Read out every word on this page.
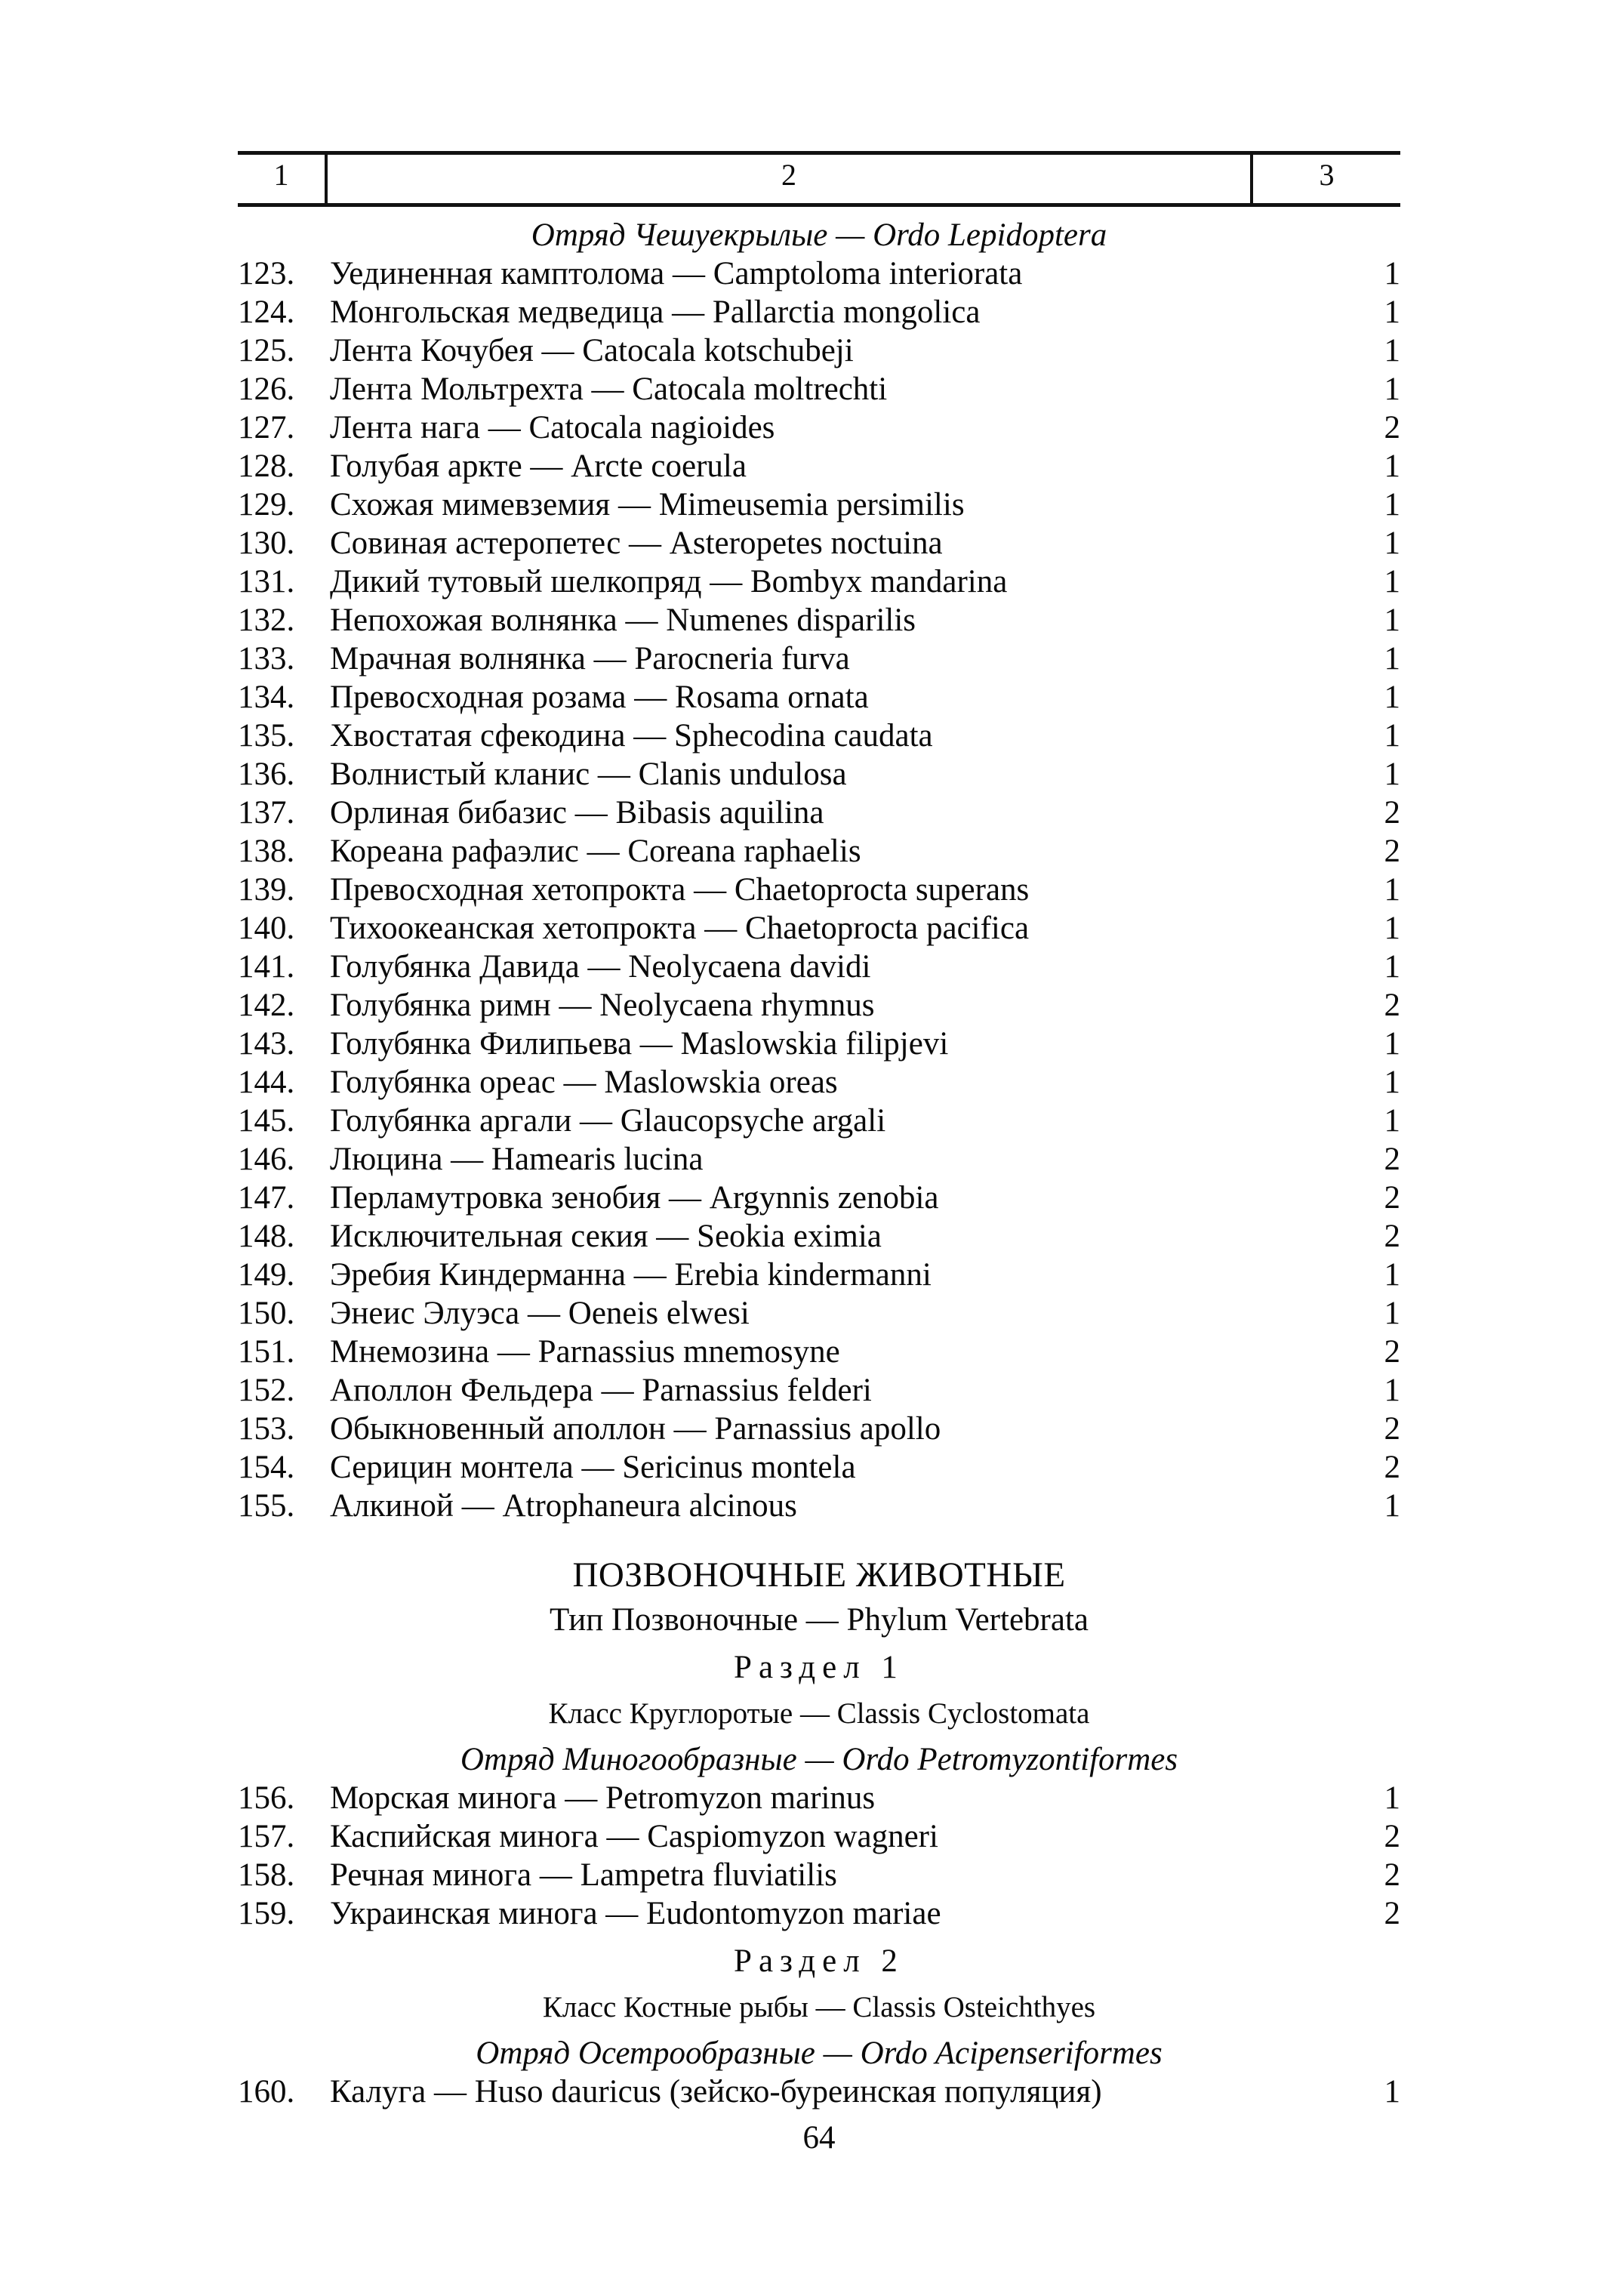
1	2	3

Отряд Чешуекрылые — Ordo Lepidoptera

123.	Уединенная камптолома — Camptoloma interiorata	1
124.	Монгольская медведица — Pallarctia mongolica	1
125.	Лента Кочубея — Catocala kotschubeji	1
126.	Лента Мольтрехта — Catocala moltrechti	1
127.	Лента нага — Catocala nagioides	2
128.	Голубая аркте — Arcte coerula	1
129.	Схожая мимевземия — Mimeusemia persimilis	1
130.	Совиная астеропетес — Asteropetes noctuina	1
131.	Дикий тутовый шелкопряд — Bombyx mandarina	1
132.	Непохожая волнянка — Numenes disparilis	1
133.	Мрачная волнянка — Parocneria furva	1
134.	Превосходная розама — Rosama ornata	1
135.	Хвостатая сфекодина — Sphecodina caudata	1
136.	Волнистый кланис — Clanis undulosa	1
137.	Орлиная бибазис — Bibasis aquilina	2
138.	Кореана рафаэлис — Coreana raphaelis	2
139.	Превосходная хетопрокта — Chaetoprocta superans	1
140.	Тихоокеанская хетопрокта — Chaetoprocta pacifica	1
141.	Голубянка Давида — Neolycaena davidi	1
142.	Голубянка римн — Neolycaena rhymnus	2
143.	Голубянка Филипьева — Maslowskia filipjevi	1
144.	Голубянка ореас — Maslowskia oreas	1
145.	Голубянка аргали — Glaucopsyche argali	1
146.	Люцина — Hamearis lucina	2
147.	Перламутровка зенобия — Argynnis zenobia	2
148.	Исключительная секия — Seokia eximia	2
149.	Эребия Киндерманна — Erebia kindermanni	1
150.	Энеис Элуэса — Oeneis elwesi	1
151.	Мнемозина — Parnassius mnemosyne	2
152.	Аполлон Фельдера — Parnassius felderi	1
153.	Обыкновенный аполлон — Parnassius apollo	2
154.	Серицин монтела — Sericinus montela	2
155.	Алкиной — Atrophaneura alcinous	1
ПОЗВОНОЧНЫЕ ЖИВОТНЫЕ
Тип Позвоночные — Phylum Vertebrata
Раздел 1
Класс Круглоротые — Classis Cyclostomata

Отряд Миногообразные — Ordo Petromyzontiformes

156.	Морская минога — Petromyzon marinus	1
157.	Каспийская минога — Caspiomyzon wagneri	2
158.	Речная минога — Lampetra fluviatilis	2
159.	Украинская минога — Eudontomyzon mariae	2
Раздел 2
Класс Костные рыбы — Classis Osteichthyes

Отряд Осетрообразные — Ordo Acipenseriformes

160.	Калуга — Huso dauricus (зейско-буреинская популяция)	1
64
